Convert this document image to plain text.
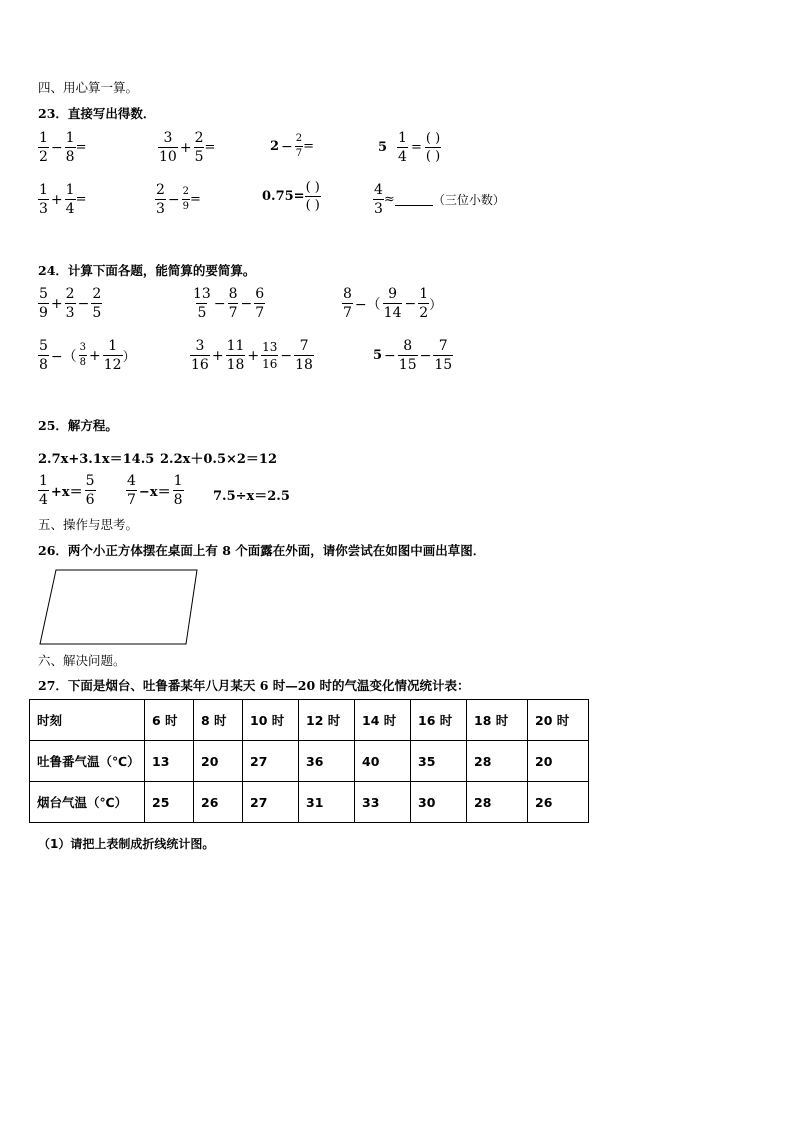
四、用心算一算。
23．直接写出得数．
1
2
− $\frac{1}{8}$ =
3
10
+ $\frac{2}{5}$ =	$2 - \frac{2}{7}$ =	$5 \frac{1}{4}$ =
( )
( )
1
3
+ $\frac{1}{4}$ =
2
3
− $\frac{2}{9}$ =	0.75=
( )
( )	$\frac{4}{3}$ ≈	（三位小数）
24．计算下面各题，能简算的要简算。
5
9
+ $\frac{2}{3} - \frac{2}{5}$	13
5
− $\frac{8}{7} - \frac{6}{7}$	8
7
−（
9
14
− $\frac{1}{2}$ ）
5
8
−（
3
$8 + \frac{1}{12}$ ）
3
16
+ $\frac{11}{18} + \frac{13}{16} - \frac{7}{18}$	$5 - \frac{8}{15} - \frac{7}{15}$
25．解方程。
2.7x+3.1x＝14.5 2.2x＋0.5×2＝12
1
4 +x＝
5
6
4
7 −x＝
1
8 7.5÷x＝2.5
五、操作与思考。
26．两个小正方体摆在桌面上有 8 个面露在外面，请你尝试在如图中画出草图．
六、解决问题。
27．下面是烟台、吐鲁番某年八月某天 6 时—20 时的气温变化情况统计表：
时刻	6 时	8 时	10 时	12 时	14 时	16 时	18 时	20 时
吐鲁番气温（℃）	13	20	27	36	40	35	28	20
烟台气温（℃）	25	26	27	31	33	30	28	26
（1）请把上表制成折线统计图。
